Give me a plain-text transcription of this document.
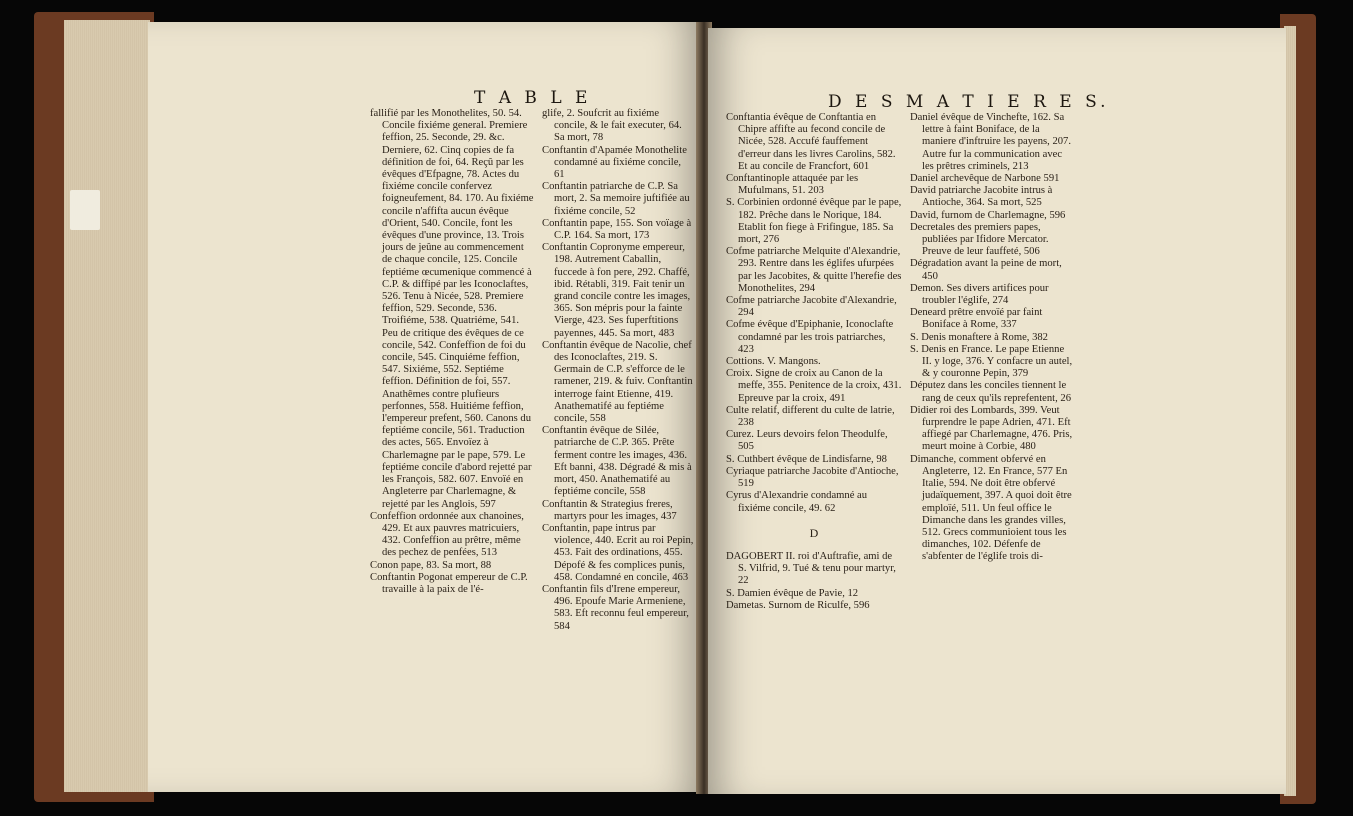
T A B L E
fallifié par les Monothelites, 50. 54. Concile fixiéme general. Premiere feffion, 25. Seconde, 29. &c. Derniere, 62. Cinq copies de fa définition de foi, 64. Reçû par les évêques d'Efpagne, 78. Actes du fixiéme concile confervez foigneufement, 84. 170. Au fixiéme concile n'affifta aucun évêque d'Orient, 540. Concile, font les évêques d'une province, 13. Trois jours de jeûne au commencement de chaque concile, 125. Concile feptiéme œcumenique commencé à C.P. & diffipé par les Iconoclaftes, 526. Tenu à Nicée, 528. Premiere feffion, 529. Seconde, 536. Troifiéme, 538. Quatriéme, 541. Peu de critique des évêques de ce concile, 542. Confeffion de foi du concile, 545. Cinquiéme feffion, 547. Sixiéme, 552. Septiéme feffion. Définition de foi, 557. Anathêmes contre plufieurs perfonnes, 558. Huitiéme feffion, l'empereur prefent, 560. Canons du feptiéme concile, 561. Traduction des actes, 565. Envoïez à Charlemagne par le pape, 579. Le feptiéme concile d'abord rejetté par les François, 582. 607. Envoïé en Angleterre par Charlemagne, & rejetté par les Anglois, 597
Confeffion ordonnée aux chanoines, 429. Et aux pauvres matricuiers, 432. Confeffion au prêtre, même des pechez de penfées, 513
Conon pape, 83. Sa mort, 88
Conftantin Pogonat empereur de C.P. travaille à la paix de l'é-
glife, 2. Soufcrit au fixiéme concile, & le fait executer, 64. Sa mort, 78
Conftantin d'Apamée Monothelite condamné au fixiéme concile, 61
Conftantin patriarche de C.P. Sa mort, 2. Sa memoire juftifiée au fixiéme concile, 52
Conftantin pape, 155. Son voïage à C.P. 164. Sa mort, 173
Conftantin Copronyme empereur, 198. Autrement Caballin, fuccede à fon pere, 292. Chaffé, ibid. Rétabli, 319. Fait tenir un grand concile contre les images, 365. Son mépris pour la fainte Vierge, 423. Ses fuperftitions payennes, 445. Sa mort, 483
Conftantin évêque de Nacolie, chef des Iconoclaftes, 219. S. Germain de C.P. s'efforce de le ramener, 219. & fuiv. Conftantin interroge faint Etienne, 419. Anathematifé au feptiéme concile, 558
Conftantin évêque de Silée, patriarche de C.P. 365. Prête ferment contre les images, 436. Eft banni, 438. Dégradé & mis à mort, 450. Anathematifé au feptiéme concile, 558
Conftantin & Strategius freres, martyrs pour les images, 437
Conftantin, pape intrus par violence, 440. Ecrit au roi Pepin, 453. Fait des ordinations, 455. Dépofé & fes complices punis, 458. Condamné en concile, 463
Conftantin fils d'Irene empereur, 496. Epoufe Marie Armeniene, 583. Eft reconnu feul empereur, 584
D E S M A T I E R E S.
Conftantia évêque de Conftantia en Chipre affifte au fecond concile de Nicée, 528. Accufé fauffement d'erreur dans les livres Carolins, 582. Et au concile de Francfort, 601
Conftantinople attaquée par les Mufulmans, 51. 203
S. Corbinien ordonné évêque par le pape, 182. Prêche dans le Norique, 184. Etablit fon fiege à Frifingue, 185. Sa mort, 276
Cofme patriarche Melquite d'Alexandrie, 293. Rentre dans les églifes ufurpées par les Jacobites, & quitte l'herefie des Monothelites, 294
Cofme patriarche Jacobite d'Alexandrie, 294
Cofme évêque d'Epiphanie, Iconoclafte condamné par les trois patriarches, 423
Cottions. V. Mangons.
Croix. Signe de croix au Canon de la meffe, 355. Penitence de la croix, 431. Epreuve par la croix, 491
Culte relatif, different du culte de latrie, 238
Curez. Leurs devoirs felon Theodulfe, 505
S. Cuthbert évêque de Lindisfarne, 98
Cyriaque patriarche Jacobite d'Antioche, 519
Cyrus d'Alexandrie condamné au fixiéme concile, 49. 62
D
DAGOBERT II. roi d'Auftrafie, ami de S. Vilfrid, 9. Tué & tenu pour martyr, 22
S. Damien évêque de Pavie, 12
Dametas. Surnom de Riculfe, 596
Daniel évêque de Vinchefte, 162. Sa lettre à faint Boniface, de la maniere d'inftruire les payens, 207. Autre fur la communication avec les prêtres criminels, 213
Daniel archevêque de Narbone 591
David patriarche Jacobite intrus à Antioche, 364. Sa mort, 525
David, furnom de Charlemagne, 596
Decretales des premiers papes, publiées par Ifidore Mercator. Preuve de leur fauffeté, 506
Dégradation avant la peine de mort, 450
Demon. Ses divers artifices pour troubler l'églife, 274
Deneard prêtre envoïé par faint Boniface à Rome, 337
S. Denis monaftere à Rome, 382
S. Denis en France. Le pape Etienne II. y loge, 376. Y confacre un autel, & y couronne Pepin, 379
Députez dans les conciles tiennent le rang de ceux qu'ils reprefentent, 26
Didier roi des Lombards, 399. Veut furprendre le pape Adrien, 471. Eft affiegé par Charlemagne, 476. Pris, meurt moine à Corbie, 480
Dimanche, comment obfervé en Angleterre, 12. En France, 577 En Italie, 594. Ne doit être obfervé judaïquement, 397. A quoi doit être emploïé, 511. Un feul office le Dimanche dans les grandes villes, 512. Grecs communioient tous les dimanches, 102. Défenfe de s'abfenter de l'églife trois di-
